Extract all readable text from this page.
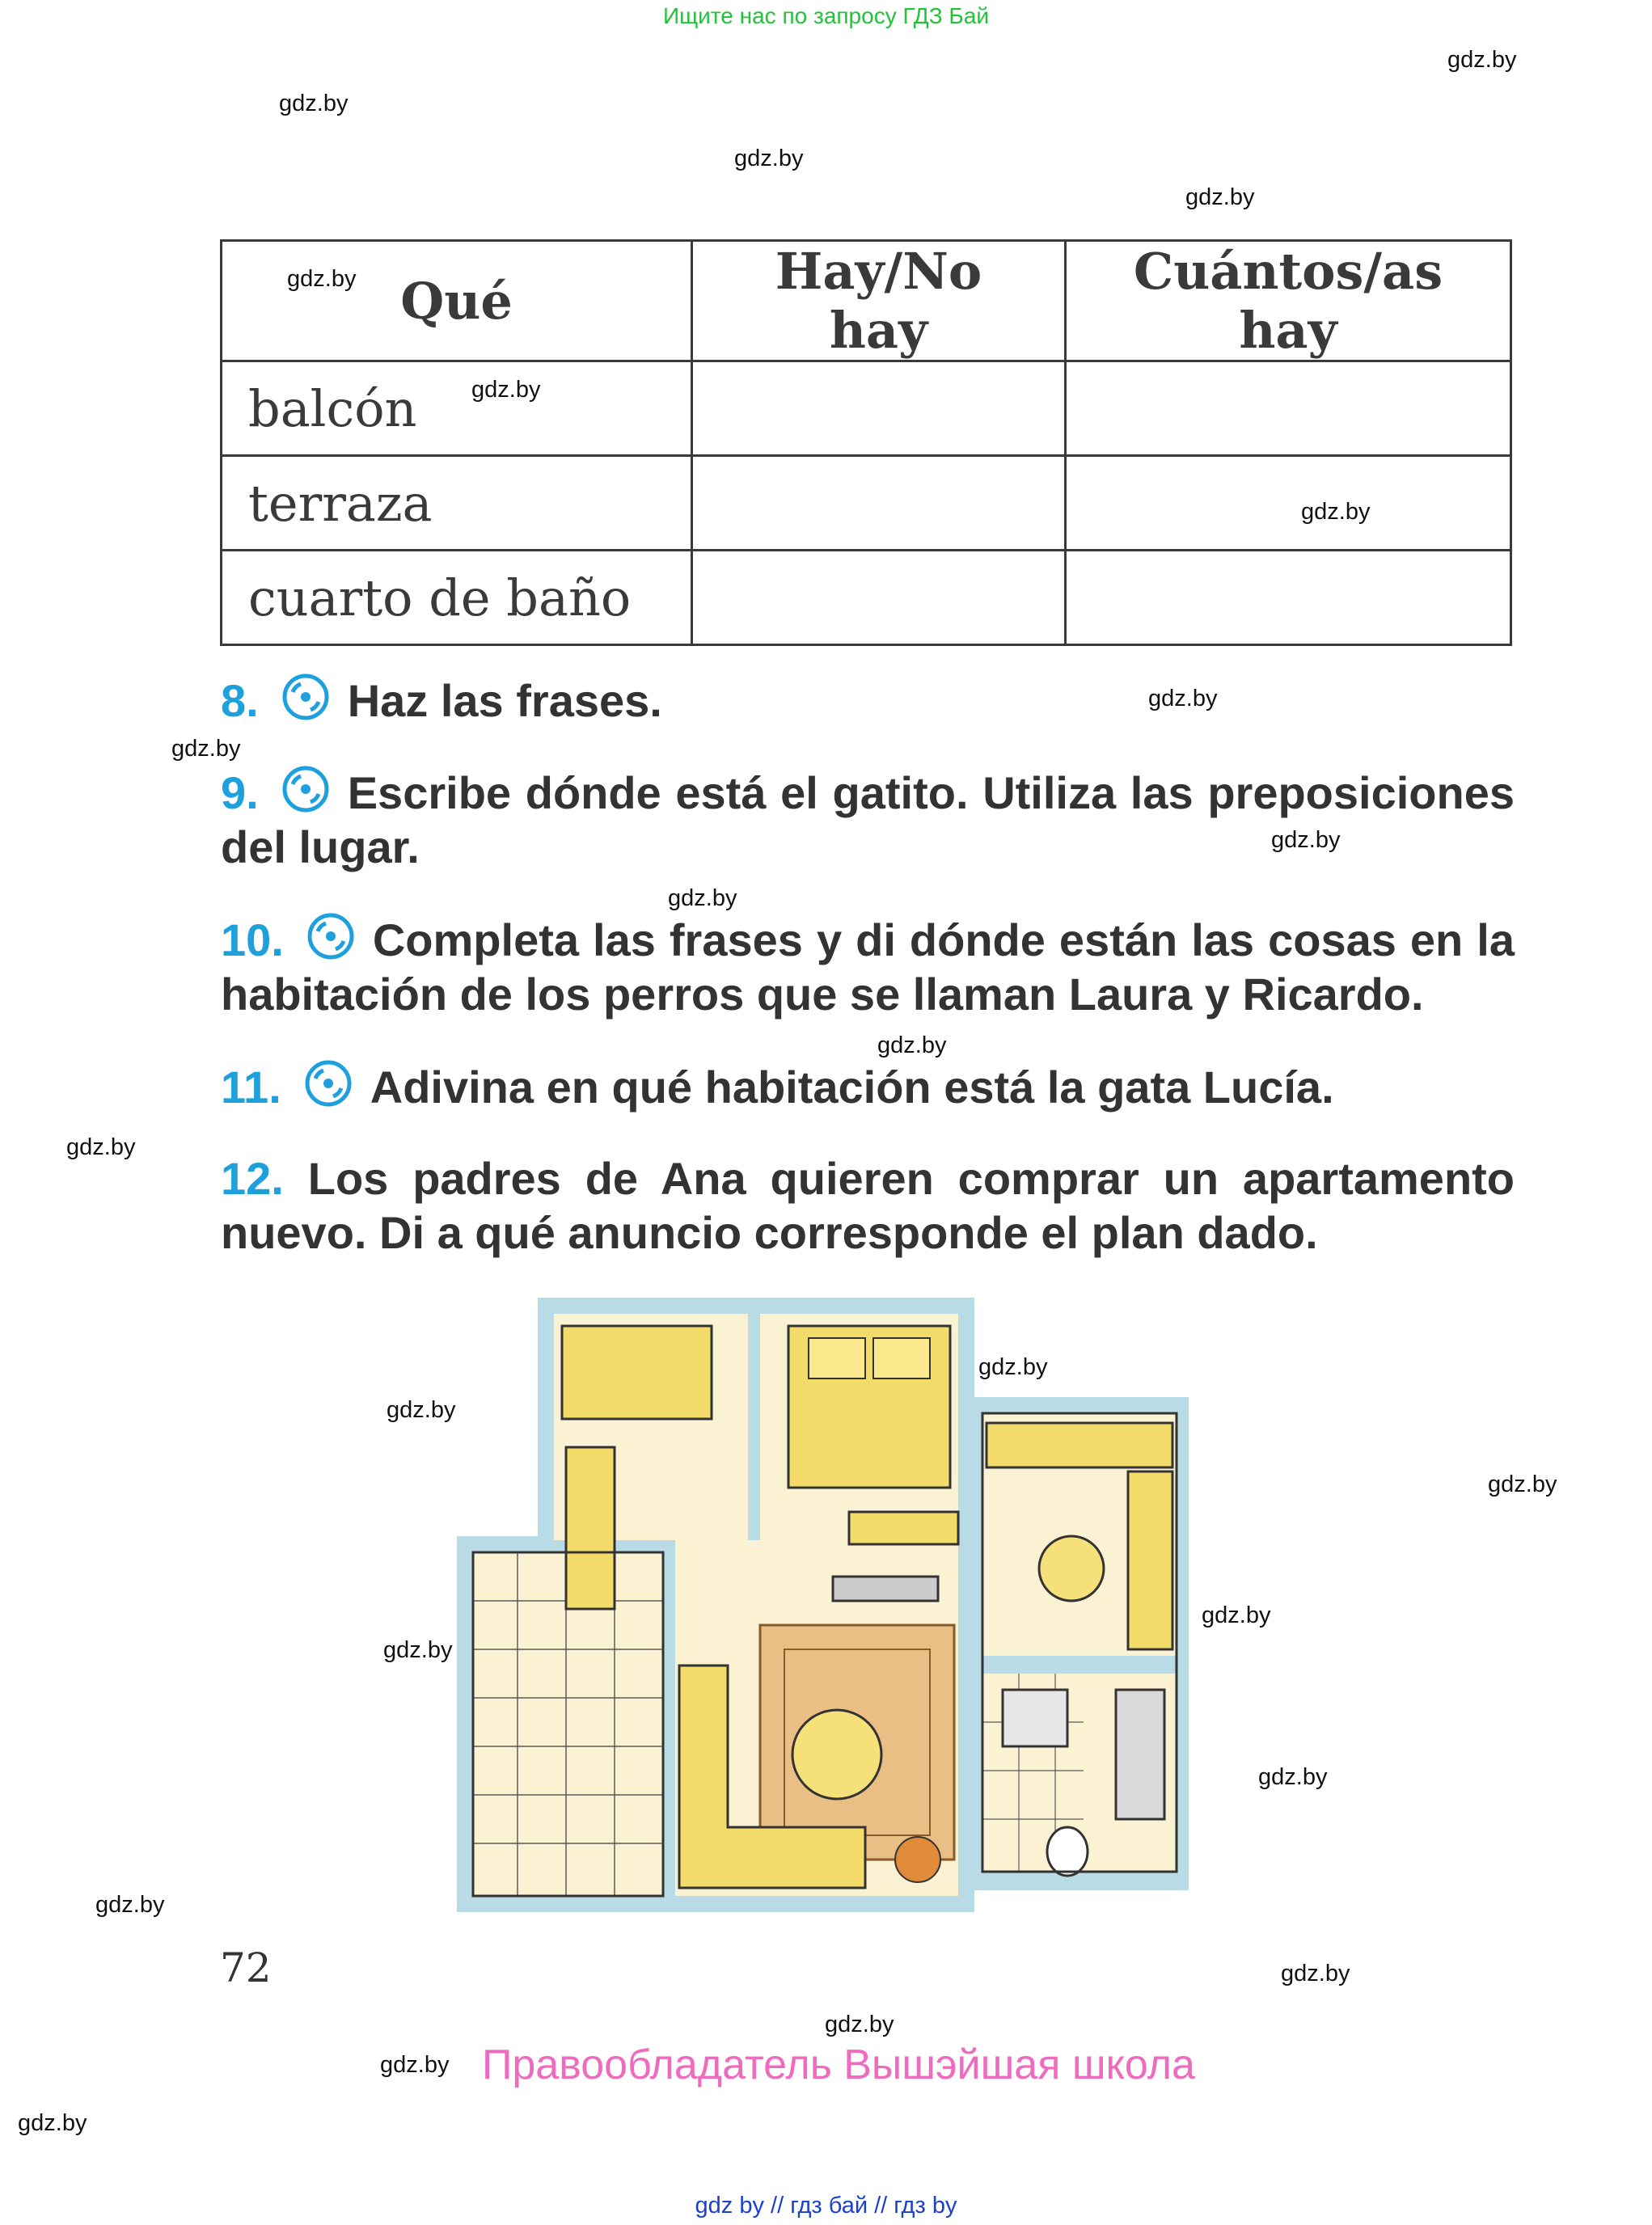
Ищите нас по запросу ГДЗ Бай
gdz.by
gdz.by
gdz.by
gdz.by
gdz.by Qué	Hay/No hay	Cuántos/as hay

gdz.by
balcón		
terraza		gdz.by

cuarto de baño		
8. Haz las frases.	gdz.by
gdz.by
9. Escribe dónde está el gatito. Utiliza las preposiciones del lugar.	gdz.by
gdz.by
10. Completa las frases y di dónde están las cosas en la habitación de los perros que se llaman Laura y Ricardo.
gdz.by
11. Adivina en qué habitación está la gata Lucía.
gdz.by
12. Los padres de Ana quieren comprar un apartamento nuevo. Di a qué anuncio corresponde el plan dado.
gdz.by
gdz.by
gdz.by
gdz.by
gdz.by
gdz.by
gdz.by
72	gdz.by
gdz.by
gdz.by Правообладатель Вышэйшая школа
gdz.by
gdz by // гдз бай // гдз by
